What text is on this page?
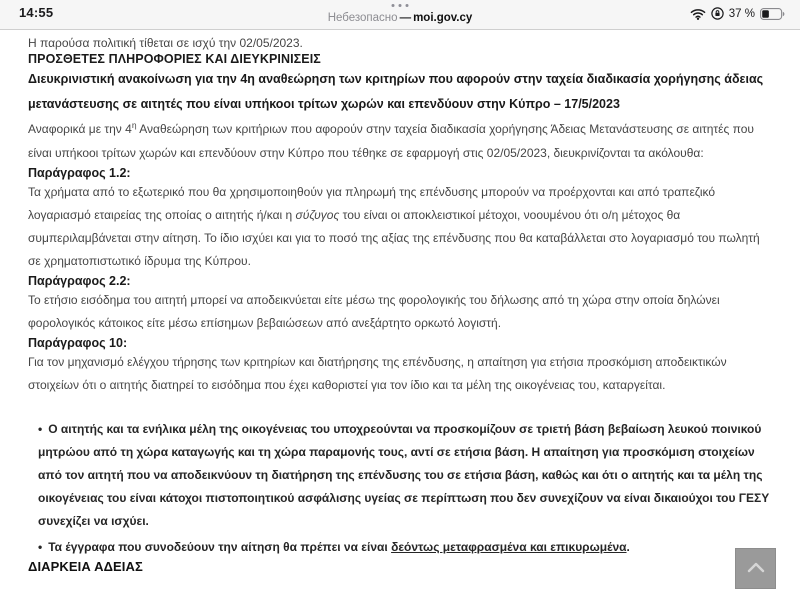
14:55	Небезопасно — moi.gov.cy	37 %

Η παρούσα πολιτική τίθεται σε ισχύ την 02/05/2023.

ΠΡΟΣΘΕΤΕΣ ΠΛΗΡΟΦΟΡΙΕΣ ΚΑΙ ΔΙΕΥΚΡΙΝΙΣΕΙΣ

Διευκρινιστική ανακοίνωση για την 4η αναθεώρηση των κριτηρίων που αφορούν στην ταχεία διαδικασία χορήγησης άδειας μετανάστευσης σε αιτητές που είναι υπήκοοι τρίτων χωρών και επενδύουν στην Κύπρο – 17/5/2023

Αναφορικά με την $4^\eta$ Αναθεώρηση των κριτήριων που αφορούν στην ταχεία διαδικασία χορήγησης Άδειας Μετανάστευσης σε αιτητές που είναι υπήκοοι τρίτων χωρών και επενδύουν στην Κύπρο που τέθηκε σε εφαρμογή στις 02/05/2023, διευκρινίζονται τα ακόλουθα:

Παράγραφος 1.2:

Τα χρήματα από το εξωτερικό που θα χρησιμοποιηθούν για πληρωμή της επένδυσης μπορούν να προέρχονται και από τραπεζικό λογαριασμό εταιρείας της οποίας ο αιτητής ή/και η σύζυγος του είναι οι αποκλειστικοί μέτοχοι, νοουμένου ότι ο/η μέτοχος θα συμπεριλαμβάνεται στην αίτηση. Το ίδιο ισχύει και για το ποσό της αξίας της επένδυσης που θα καταβάλλεται στο λογαριασμό του πωλητή σε χρηματοπιστωτικό ίδρυμα της Κύπρου.

Παράγραφος 2.2:

Το ετήσιο εισόδημα του αιτητή μπορεί να αποδεικνύεται είτε μέσω της φορολογικής του δήλωσης από τη χώρα στην οποία δηλώνει φορολογικός κάτοικος είτε μέσω επίσημων βεβαιώσεων από ανεξάρτητο ορκωτό λογιστή.

Παράγραφος 10:

Για τον μηχανισμό ελέγχου τήρησης των κριτηρίων και διατήρησης της επένδυσης, η απαίτηση για ετήσια προσκόμιση αποδεικτικών στοιχείων ότι ο αιτητής διατηρεί το εισόδημα που έχει καθοριστεί για τον ίδιο και τα μέλη της οικογένειας του, καταργείται.

• Ο αιτητής και τα ενήλικα μέλη της οικογένειας του υποχρεούνται να προσκομίζουν σε τριετή βάση βεβαίωση λευκού ποινικού μητρώου από τη χώρα καταγωγής και τη χώρα παραμονής τους, αντί σε ετήσια βάση. Η απαίτηση για προσκόμιση στοιχείων από τον αιτητή που να αποδεικνύουν τη διατήρηση της επένδυσης του σε ετήσια βάση, καθώς και ότι ο αιτητής και τα μέλη της οικογένειας του είναι κάτοχοι πιστοποιητικού ασφάλισης υγείας σε περίπτωση που δεν συνεχίζουν να είναι δικαιούχοι του ΓΕΣΥ συνεχίζει να ισχύει.

• Τα έγγραφα που συνοδεύουν την αίτηση θα πρέπει να είναι δεόντως μεταφρασμένα και επικυρωμένα.

ΔΙΑΡΚΕΙΑ ΑΔΕΙΑΣ
